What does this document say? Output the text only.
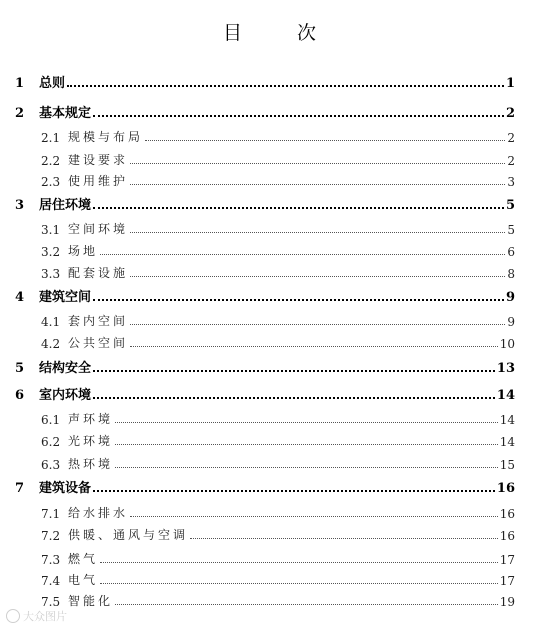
目　次
1	总则	1
2	基本规定	2
2.1 规模与布局	2
2.2 建设要求	2
2.3 使用维护	3
3	居住环境	5
3.1 空间环境	5
3.2 场地	6
3.3 配套设施	8
4	建筑空间	9
4.1 套内空间	9
4.2 公共空间	10
5	结构安全	13
6	室内环境	14
6.1 声环境	14
6.2 光环境	14
6.3 热环境	15
7	建筑设备	16
7.1 给水排水	16
7.2 供暖、通风与空调	16
7.3 燃气	17
7.4 电气	17
7.5 智能化	19
大众图片
